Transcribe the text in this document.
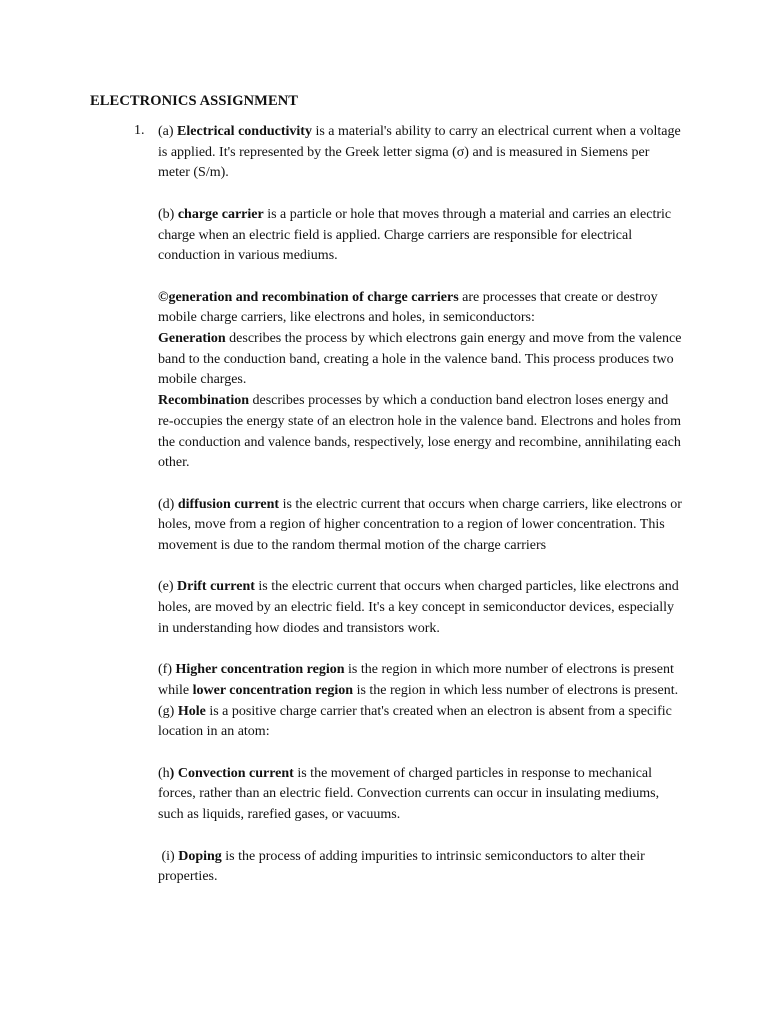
ELECTRONICS ASSIGNMENT
1. (a) Electrical conductivity is a material's ability to carry an electrical current when a voltage is applied. It's represented by the Greek letter sigma (σ) and is measured in Siemens per meter (S/m).
(b) charge carrier is a particle or hole that moves through a material and carries an electric charge when an electric field is applied. Charge carriers are responsible for electrical conduction in various mediums.
©generation and recombination of charge carriers are processes that create or destroy mobile charge carriers, like electrons and holes, in semiconductors:
Generation describes the process by which electrons gain energy and move from the valence band to the conduction band, creating a hole in the valence band. This process produces two mobile charges.
Recombination describes processes by which a conduction band electron loses energy and re-occupies the energy state of an electron hole in the valence band. Electrons and holes from the conduction and valence bands, respectively, lose energy and recombine, annihilating each other.
(d) diffusion current is the electric current that occurs when charge carriers, like electrons or holes, move from a region of higher concentration to a region of lower concentration. This movement is due to the random thermal motion of the charge carriers
(e) Drift current is the electric current that occurs when charged particles, like electrons and holes, are moved by an electric field. It's a key concept in semiconductor devices, especially in understanding how diodes and transistors work.
(f) Higher concentration region is the region in which more number of electrons is present while lower concentration region is the region in which less number of electrons is present.
(g) Hole is a positive charge carrier that's created when an electron is absent from a specific location in an atom:
(h) Convection current is the movement of charged particles in response to mechanical forces, rather than an electric field. Convection currents can occur in insulating mediums, such as liquids, rarefied gases, or vacuums.
(i) Doping is the process of adding impurities to intrinsic semiconductors to alter their properties.
